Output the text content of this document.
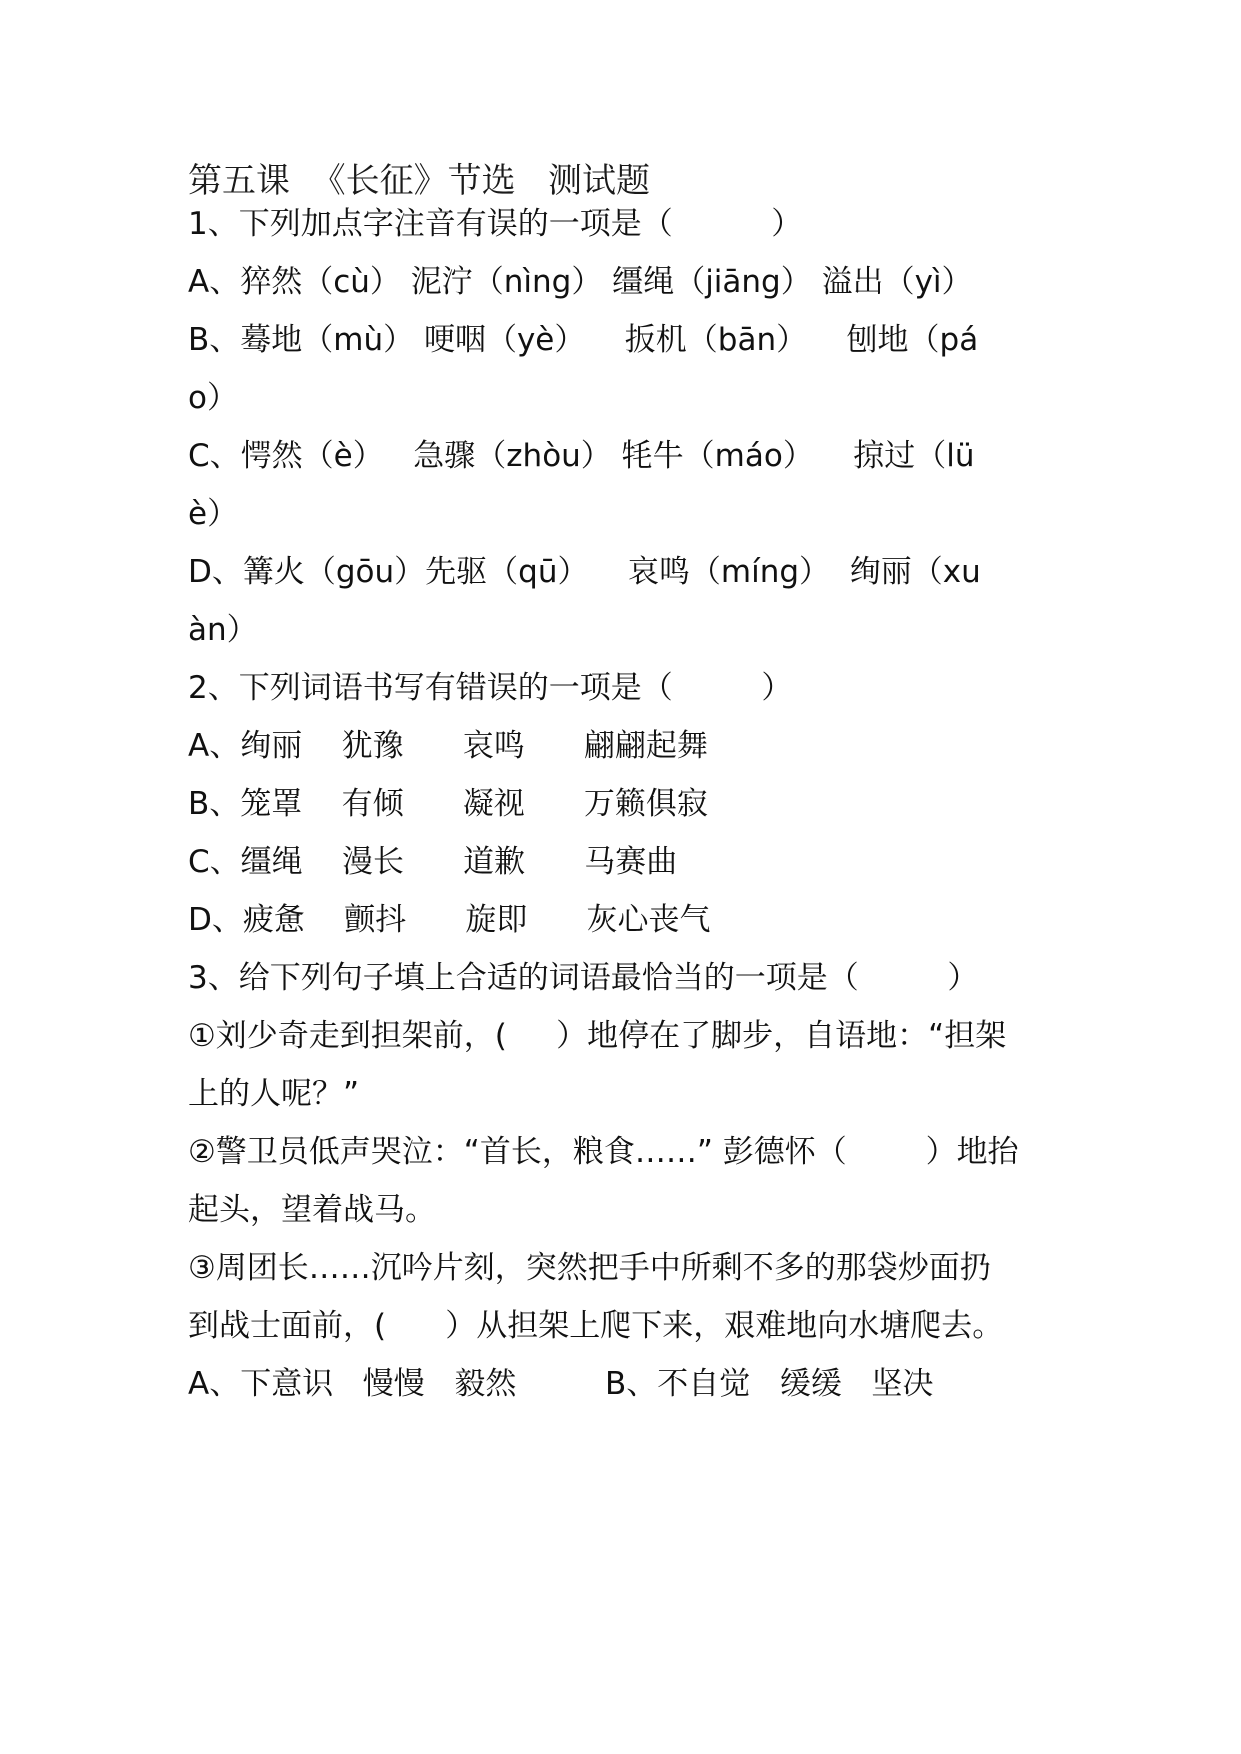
第五课  《长征》节选   测试题
1、下列加点字注音有误的一项是（          ）
A、猝然（cù） 泥泞（nìng） 缰绳（jiāng） 溢出（yì）
B、蓦地（mù） 哽咽（yè）    扳机（bān）    刨地（pá
o）
C、愕然（è）   急骤（zhòu） 牦牛（máo）    掠过（lü
è）
D、篝火（gōu）先驱（qū）    哀鸣（míng）  绚丽（xu
àn）
2、下列词语书写有错误的一项是（         ）
A、绚丽    犹豫      哀鸣      翩翩起舞
B、笼罩    有倾      凝视      万籁俱寂
C、缰绳    漫长      道歉      马赛曲
D、疲惫    颤抖      旋即      灰心丧气
3、给下列句子填上合适的词语最恰当的一项是（         ）
①刘少奇走到担架前，(     ）地停在了脚步，自语地：“担架
上的人呢？”
②警卫员低声哭泣：“首长，粮食……” 彭德怀（        ）地抬
起头，望着战马。
③周团长……沉吟片刻，突然把手中所剩不多的那袋炒面扔
到战士面前，(      ）从担架上爬下来，艰难地向水塘爬去。
A、下意识   慢慢   毅然         B、不自觉   缓缓   坚决
